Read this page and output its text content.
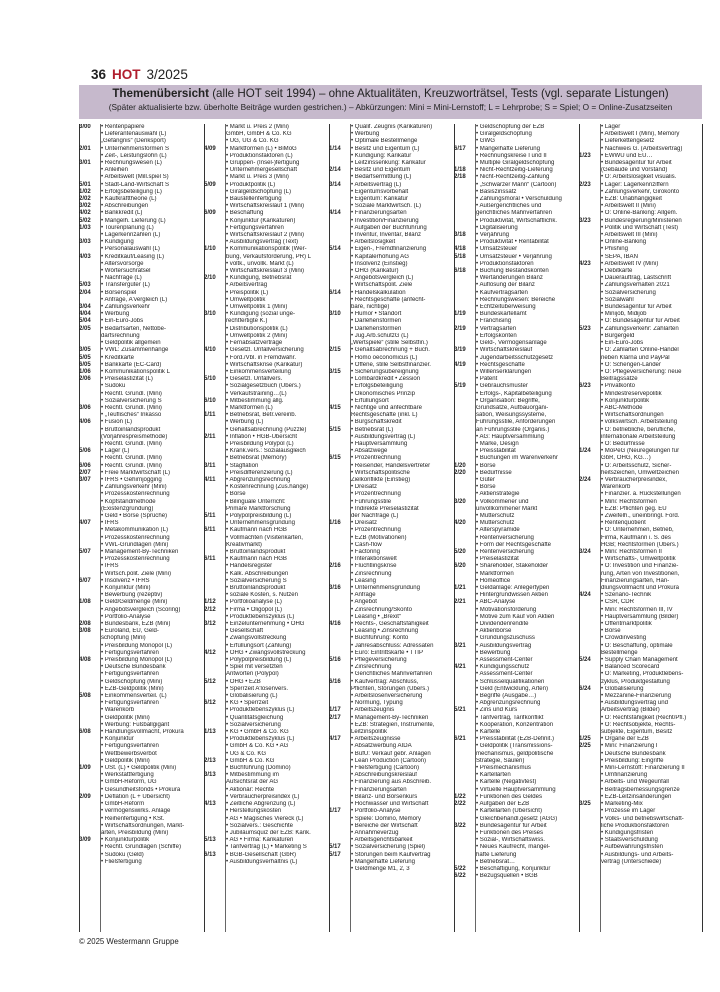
36 HOT 3/2025
Themenübersicht (alle HOT seit 1994) – ohne Aktualitäten, Kreuzworträtsel, Tests (vgl. separate Listungen)
(Später aktualisierte bzw. überholte Beiträge wurden gestrichen.) – Abkürzungen: Mini = Mini-Lernstoff; L = Lehrprobe; S = Spiel; O = Online-Zusatzseiten
3/00	• Rentenpapiere
• Lieferantenauswahl (L)
„Gefängnis“ (Denksport)
2/01	• Unternehmensformen S
• Zeit-, Leistungslohn (L)
3/01	• Rechnungswesen (L)
• Anleihen
• Arbeitswelt (Mill.spiel S)
5/01	• Stadt-Land-Wirtschaft S
1/02	• Erfolgsbeteiligung (L)
2/02	• Kaufkrafttheorie (L)
3/02	• Abschreibungen
4/02	• Bankkredit (L)
5/02	• Mangelh. Lieferung (L)
1/03	• Tourenplanung (L)
• Lagerkennzahlen (L)
3/03	• Kündigung
• Personalauswahl (L)
4/03	• Kreditkauf/Leasing (L)
• Altersvorsorge
• Wörtersuchrätsel
• Nachfrage (L)
5/03	• Transfergüter (L)
2/04	• Börsenspiel
• Anfrage, A'vergleich (L)
3/04	• Zahlungsverkehr
4/04	• Werbung
5/04	• Ein-Euro-Jobs
2/05	• Bedarfsarten, Nettobe-
darfsrechnung
• Geldpolitik allgemein
3/05	• VWL: Zusammenhänge
5/05	• Kreditkarte
6/05	• Bankkarte (EC-Card)
1/06	• Kommunikationspolitik L
2/06	• Preiselastizität (L)
• Sudoku
• Rechtl. Grundl. (Mini)
• Sozialversicherung S
3/06	• Rechtl. Grundl. (Mini)
• „Teuflisches“ Inkasso
4/06	• Fusion (L)
• Bruttoinlandsprodukt
(Vorjahrespreismethode)
• Rechtl. Grundl. (Mini)
5/06	• Lager (L)
• Rechtl. Grundl. (Mini)
6/06	• Rechtl. Grundl. (Mini)
2/07	• Freie Marktwirtschaft (L)
3/07	• IFRS • Gehirnjogging
• Zahlungsverkehr (Mini)
• Prozesskostenrechnung
• Kopfstandmethode
(Existenzgründung)
• Geld • Börse (Sprüche)
4/07	• IFRS
• Metakommunikation (L)
• Prozesskostenrechnung
• VWL-Grundlagen (Mini)
5/07	• Management-By-Techniken
• Prozesskostenrechnung
• IFRS
• Wirtsch.polit. Ziele (Mini)
6/07	• Insolvenz • IFRS
• Konjunktur (Mini)
• Bewerbung (rezeptiv)
1/08	• Geld/Geldmenge (Mini)
• Angebotsvergleich (Scoring)
• Portfolio-Analyse
2/08	• Bundesbank, EZB (Mini)
3/08	• Euroland, EU, Geld-
schöpfung (Mini)
• Preisbildung Monopol (L)
• Fertigungsverfahren
4/08	• Preisbildung Monopol (L)
• Deutsche Bundesbank
• Fertigungsverfahren
• Geldschöpfung (Mini)
• EZB-Geldpolitik (Mini)
5/08	• Einkommensverteil. (L)
• Fertigungsverfahren
• Warenkorb
• Geldpolitik (Mini)
• Werbung: Fußballgigant
6/08	• Handlungsvollmacht, Prokura
• Konjunktur
• Fertigungsverfahren
• Wettbewerbsverbot
• Geldpolitik (Mini)
1/09	• USt. (L) • Geldpolitik (Mini)
• Werkstattfertigung
• GmbH-Reform, UG
• Gesundheitsfonds • Prokura
2/09	• Deflation (L + Übersicht)
• GmbH-Reform
• vermögenswirks. Anlage
• Reihenfertigung • KSt.
• Wirtschaftsordnungen, Markt-
arten, Preisbildung (Mini)
3/09	• Konjunkturpolitik
• Rechtl. Grundlagen (Schiffe)
• Sudoku (Geld)
• Fließfertigung
• Markt u. Preis 2 (Mini)
GmbH, GmbH & Co. KG
• UG, UG & Co. KG
4/09	• Marktformen (L) • BiMoG
• Produktionsfaktoren (L)
• Gruppen- (Insel-)fertigung
• Unternehmergesellschaft
• Markt u. Preis 3 (Mini)
5/09	• Produktpolitik (L)
• Giralgeldschöpfung (L)
• Baustellenfertigung
• Wirtschaftskreislauf 1 (Mini)
6/09	• Beschaffung
• Konjunktur (Karikaturen)
• Fertigungsverfahren
• Wirtschaftskreislauf 2 (Mini)
• Ausbildungsvertrag (Text)
1/10	• Kommunikationspolitik (Wer-
bung, Verkaufsförderung, PR) L
• voltk., unvollk. Markt (L)
• Wirtschaftskreislauf 3 (Mini)
2/10	• Kündigung, Betriebsrat
• Arbeitsvertrag
• Preispolitik (L)
• Umweltpolitik
• Umweltpolitik 1 (Mini)
3/10	• Kündigung (sozial unge-
rechtfertigte K.)
• Distributionspolitik (L)
• Umweltpolitik 2 (Mini)
• Fernabsatzverträge
4/10	• Gesetzl. Unfallversicherung
• Ford./Vbl. in Fremdwähr.
• Wirtschaftskrise (Karikatur)
• Einkommensverteilung
5/10	• Gesetzl. Unfallvers.
• Sozialgesetzbuch (Übers.)
• Verkaufstraining…(L)
6/10	• Mitbestimmung allg.
• Marktformen (L)
1/11	• Betriebsrat, Betr.vereinb.
• Werbung (L)
• Gehaltsabrechnung (Puzzle)
2/11	• Inflation • HGB-Übersicht
• Preisbildung Polypol (L)
• Krank.vers.: Sozialausgleich
• Betriebsrat (Memory)
3/11	• Stagflation
• Preisdifferenzierung (L)
4/11	• Abgrenzungsrechnung
• Kostenrechnung (Zus.hänge)
• Börse
• Bilinguale Unterricht:
Primäre Marktforschung
5/11	• Polypolpreisbildung (L)
• Unternehmensgründung
6/11	• Kaufmann nach HGB
• Vollmachten (Visitenkarten,
Kreativmarkt)
• Bruttoinlandsprodukt
6/11	• Kaufmann nach HGB
• Handelsregister
• Kalk. Abschreibungen
• Sozialversicherung S
• Bruttoinlandsprodukt
• soziale Kosten, s. Nutzen
1/12	• Portfolioanalyse (L)
2/12	• Firma • Oligopol (L)
• Produktlebenszyklus (L)
3/12	• Einzelunternehmung • OHG
• Gesellschaft
• Zwangsvollstreckung
• Erfüllungsort (Zahlung)
4/12	• OHG • Zwangsvollstreckung
• Polypolpreisbildung (L)
• Spiel mit versetzten
Antworten (Polypol)
5/12	• OHG • EZB
• Sperrzeit A'losenvers.
• Globalisierung (L)
6/12	• KG • Sperrzeit
• Produktlebenszyklus (L)
• Quantitätsgleichung
• Sozialversicherung
1/13	• KG • GmbH & Co. KG
• Produktlebenszyklus (L)
• GmbH & Co. KG • AG
• UG & Co. KG
2/13	• GmbH & Co. KG
• Buchführung (Domino)
3/13	• Mitbestimmung im
Aufsichtsrat der AG
• Aktionär: Rechte
• Verbraucherpreisindex (L)
4/13	• Zeitliche Abgrenzung (L)
• Herstellungskosten
• AG • Magisches Viereck (L)
• Sozialvers.: Geschichte
• Jubiläumsquiz der EZB: Karik.
5/13	• AG • Firma: Karikaturen
• Tarifvertrag (L) • Marketing S
6/13	• BGB-Gesellschaft (GbR)
• Ausbildungsverhältnis (L)
• Qualif. Zeugnis (Karikaturen)
• Werbung
• Optimale Bestellmenge
1/14	• Besitz und Eigentum (L)
• Kündigung: Karikatur
• Leitzinssenkung: Karikatur
2/14	• Besitz und Eigentum
• Bedarfsermittlung (L)
3/14	• Arbeitsvertrag (L)
• Eigentumsvorbehalt
• Eigentum: Karikatur
• Soziale Marktwirtsch. (L)
4/14	• Finanzierungsarten
• Investition/Finanzierung
• Aufgaben der Buchführung
• Inventur, Inventar, Bilanz
• Arbeitslosigkeit
5/14	• Eigen-, Fremdfinanzierung
• Kapitalerhöhung AG
• Insolvenz (Einstieg)
• OHG (Karikatur)
• Angebotsvergleich (L)
• Wirtschaftspolit. Ziele
6/14	• Handelskalkulation
• Rechtsgeschäfte (anfecht-
bare, nichtige)
3/10	• Humor • Standort
• Darlehensformen
• Darlehensformen
• Jug.Arb.schutzG (L)
„Wertspiele“ (stille Selbstfin.)
2/15	• Gehaltsabrechnung + Buch.
• Homo oeconomicus (L)
• Offene, stille Selbstfinanzier.
3/15	• Sicherungsübereignung
• Lombardkredit • Zession
• Erfolgsbeteiligung
• Ökonomisches Prinzip
• Erfüllungsort
4/15	• Nichtige und anfechtbare
Rechtsgeschäfte (inkl. L)
• Bürgschaftskredit
5/15	• Betriebsrat (L)
• Ausbildungsvertrag (L)
• Hauptversammlung
• Absatzwege
6/15	• Prozentrechnung
• Reisender, Handelsvertreter
• Wirtschaftspolitische
Zielkonflikte (Einstieg)
• Dreisatz
• Prozentrechnung
• Führungsstile
• Indirekte Preiselastizität
der Nachfrage (L)
1/16	• Dreisatz
• Prozentrechnung
• EZB (Motivationen)
• Cash-flow
• Factoring
• Interaktionswelt
2/16	• Flüchtlingskrise
• Zinsrechnung
• Leasing
3/16	• Unternehmensgründung
• Anfrage
• Angebot
• Zinsrechnung/Skonto
• Leasing • „Brexit“
4/16	• Rechts-, Geschäftsfähigkeit
• Leasing • Zinsrechnung
• Buchführung: Konto
• Jahresabschluss: Adressaten
• Euro: Eintrittskarte • TTIP
5/16	• Pflegeversicherung
• Zinsrechnung
• Gerichtliches Mahnverfahren
6/16	• Kaufvertrag: Abschluss,
Pflichten, Störungen (Übers.)
• Arbeitslosenversicherung
• Normung, Typung
1/17	• Arbeitszeugnis
2/17	• Management-By-Techniken
• EZB: Strategien, Instrumente,
Leitzinspolitik
4/17	• Arbeitszeugnisse
• Absatzwerbung AIDA
• BüfU: Verkauf gebr. Anlagen
• Lean Production (Cartoon)
• Fließfertigung (Cartoon)
• Abschreibungskreislauf
• Finanzierung aus Abschreib.
• Finanzierungsarten
• Bilanz- und Börsenkurs
• Hochwasser und Wirtschaft
1/17	• Portfolio-Analyse
• Spiele: Domino, Memory
• Bereiche der Wirtschaft
• Annahmeverzug
• Arbeitsgerichtsbarkeit
5/17	• Sozialversicherung (Spiel)
5/17	• Störungen beim Kaufvertrag
• Mangelhafte Lieferung
• Geldmenge M1, 2, 3
• Geldschöpfung der EZB
• Giralgeldschöpfung
• GWG
6/17	• Mangelhafte Lieferung
• Rechnungskreise I und II
• Multiple Giralgeldschöpfung
1/18	• Nicht-Rechtzeitig-Lieferung
2/18	• Nicht-Rechtzeitig-Zahlung
• „Schwarzer Mann“ (Cartoon)
• Basiszinssatz
• Zahlungsmoral • Verschuldung
• Außergerichtliches und
gerichtliches Mahnverfahren
• Produktivität, Wirtschaftlichk.
• Digitalisierung
3/18	• Verjährung
• Produktivität • Rentabilität
4/18	• Umsatzsteuer
5/18	• Umsatzsteuer • Verjährung
• Produktionsfaktoren
6/18	• Buchung Bestandskonten
• Wertänderungen Bilanz
• Auflösung der Bilanz
• Kaufvertragsarten
• Rechnungswesen: Bereiche
• Echtzeitüberweisung
1/19	• Bundeskartellamt
• Franchising
2/19	• Vertragsarten
• Erfolgskonten
• Geld-, Vermögensanlage
3/19	• Wirtschaftskreislauf
• Jugendarbeitsschutzgesetz
4/19	• Rechtsgeschäfte
• Willenserklärungen
• Patent
5/19	• Gebrauchsmuster
• Erfolgs-, Kapitalbeteiligung
• Organisation: Begriffe,
Grundsätze, Aufbauorgani-
sation, Weisungssysteme,
Führungsstile, Anforderungen
an Führungsstile (Organis.)
• AG: Hauptversammlung
• Marke, Design
• Preisstabilität
• Buchungen im Warenverkehr
1/20	• Börse
2/20	• Bedürfnisse
• Güter
• Börse
• Aktienstrategie
3/20	• Volkommener und
unvollkommener Markt
• Mutterschutz
4/20	• Mutterschutz
• Alterspyramide
• Rentenversicherung
• Form der Rechtsgeschäfte
5/20	• Rentenversicherung
• Preiselastizität
6/20	• Shareholder, Stakeholder
• Marktformen
• Homeoffice
1/21	• Geldanlage: Anlegertypen
• Hintergrundwissen Aktien
2/21	• ABC-Analyse
• Motivationsförderung
• Motive zum Kauf von Aktien
• Dividendenrendite
• Aktienbörse
• Gründungszuschuss
3/21	• Ausbildungsvertrag
• Bewerbung
• Assessment-Center
4/21	• Kündigungsschutz
• Assessment-Center
• Schlüsselqualifikationen
• Geld (Entwicklung, Arten)
• Begriffe (Ausgabe…)
• Abgrenzungsrechnung
5/21	• Zins und Kurs
• Tarifvertrag, Tarifkonflikt
• Kooperation, Konzentration
• Kartelle
6/21	• Preisstabilität (EZB-Definit.)
• Geldpolitik (Transmissions-
mechanismus, geldpolitische
Strategie, Säulen)
• Preismechanismus
• Kartellarten
• Kartelle (Negativtest)
• Virtuelle Hauptversammlung
1/22	• Funktionen des Geldes
2/22	• Aufgaben der EZB
• Kartellarten (Übersicht)
• Gleichbehandl.gesetz (AGG)
3/22	• Bundesagentur für Arbeit
• Funktionen des Preises
• Sozial-, Wirtschaftswiss.
• Neues Kaufrecht, mangel-
hafte Lieferung
• Betriebsrat…
5/22	• Beschäftigung, Konjunktur
6/22	• Bezugsquellen • BGB
• Lager
• Arbeitswelt I (Mini), Memory
• Lieferkettengesetz
• Nachweis G. (Arbeitsvertrag)
1/23	• EWWU und EU…
• Bundesagentur für Arbeit
(Gebäude und Vorstand)
• O: Arbeitslosigkeit visualis.
2/23	• Lager: Lagerkennziffern
• Zahlungsverkehr, Girokonto
• EZB: Unabhängigkeit
• Arbeitswelt II (Mini)
• O: Online-Banking: Allgem.
3/23	• Bundesregierung/Ministerien
• Politik und Wirtschaft (Test)
• Arbeitswelt III (Mini)
• Online-Banking
• Phishing
• SEPA, IBAN
4/23	• Arbeitswelt IV (Mini)
• Debitkarte
• Dauerauftrag, Lastschrift
• Zahlungsverhalten 2021
• Sozialversicherung
• Sozialwahl
• Bundesagentur für Arbeit
• Minijob, Midijob
• O: Bundesagentur für Arbeit
5/23	• Zahlungsverkehr: Zahlarten
• Bürgergeld
• Ein-Euro-Jobs
• O: Zahlarten Online-Handel
neben Klarna und PayPal
• O: Schengen-Länder
• O: Pflegeversicherung: neue
Beitragssätze
6/23	• Privatkonto
• Mindestreservepolitik
• Konjunkturpolitik
• ABC-Methode
• Wirtschaftsordnungen
• volkswirtsch. Arbeitsteilung
• O: betriebliche, berufliche,
internationale Arbeitsteilung
• O: Bedürfnisse
1/24	• MoPeG (Neuregelungen für
GbR, OHG, KG…)
• O: Arbeitsschutz, Sicher-
heitszeichen, Umweltzeichen
2/24	• Verbraucherpreisindex,
Warenkorb
• Finanzier. a. Rückstellungen
• Mini: Rechtsformen
• EZB: Pflichten geg. EU
• Zweifelh., uneinbringl. Ford.
• Rentenquotient
• O: Unternehmen, Betrieb,
Firma, Kaufmann i. S. des
HGB; Rechtsformen (Übers.)
3/24	• Mini: Rechtsformen II
• Wirtschafts-, Umweltpolitik
• O: Investition und Finanzie-
rung, Arten von Investitionen,
Finanzierungsarten, Han-
dlungsvollmacht und Prokura
4/24	• Szenario-Technik
• CSR, CDR
• Mini: Rechtsformen III, IV
• Hauptversammlung (Bilder)
• Öffentmarktpolitik
• Börse
• Crowdinvesting
• O: Beschaffung, optimale
Bestellmenge
5/24	• Supply Chain Management
• Balanced Scorecard
• O: Marketing, Produktlebens-
zyklus, Produktgestaltung
6/24	• Globalisierung
• Mezzanine-Finanzierung
• Ausbildungsvertrag und
Arbeitsvertrag (Bilder)
• O: Rechtsfähigkeit (Recht/Pfl.)
• O: Rechtsobjekte, Rechts-
subjekte, Eigentum, Besitz
1/25	• Organe der EZB
2/25	• Mini: Finanzierung I
• Deutsche Bundesbank
• Preisbildung: Eingriffe
• Mini-Lernstoff: Finanzierung II
• Umfinanzierung
• Arbeits- und Wegeunfall
• Beitragsbemessungsgrenze
• EZB-Leitzinsänderungen
3/25	• Marketing-Mix
• Prozesse im Lager
• Volks- und betriebswirtschaft-
liche Produktionsfaktoren
• Kündigungsfristen
• Staatsverschuldung
• Aufbewahrungsfristen
• Ausbildungs- und Arbeits-
vertrag (Unterschiede)
© 2025 Westermann Gruppe
